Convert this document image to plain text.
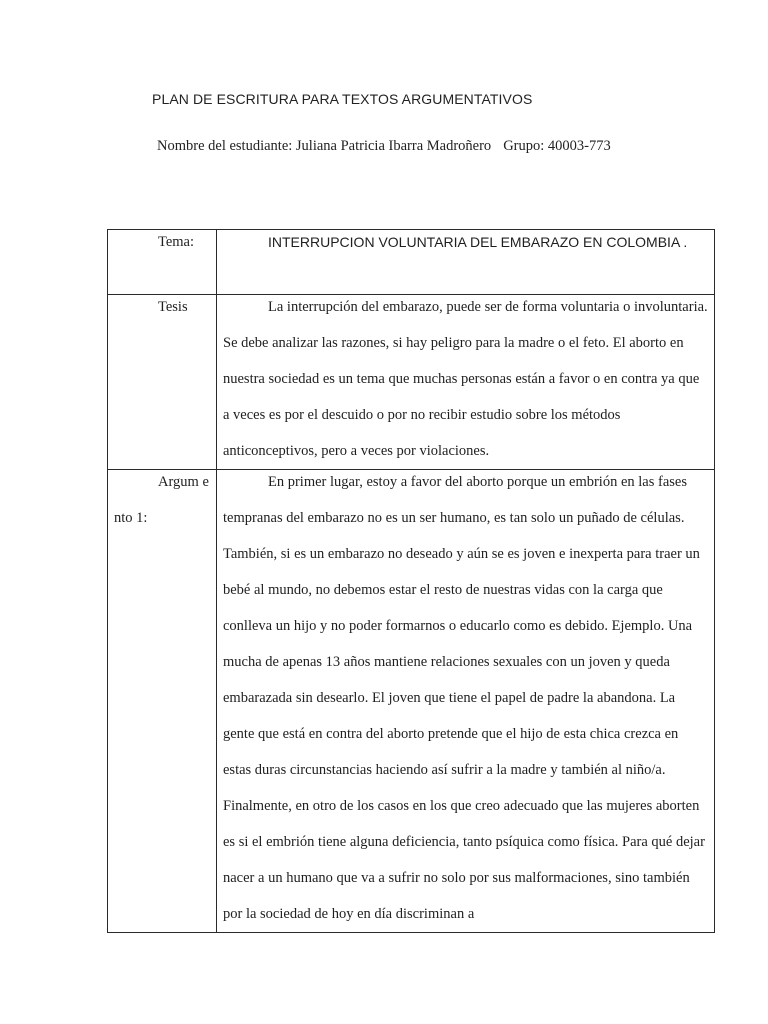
PLAN DE ESCRITURA PARA TEXTOS ARGUMENTATIVOS
Nombre del estudiante: Juliana Patricia Ibarra Madroñero Grupo: 40003-773
Tema:	INTERRUPCION VOLUNTARIA DEL EMBARAZO EN COLOMBIA .

Tesis	La interrupción del embarazo, puede ser de forma voluntaria o involuntaria. Se debe analizar las razones, si hay peligro para la madre o el feto. El aborto en nuestra sociedad es un tema que muchas personas están a favor o en contra ya que a veces es por el descuido o por no recibir estudio sobre los métodos anticonceptivos, pero a veces por violaciones.

Argum ento 1:	En primer lugar, estoy a favor del aborto porque un embrión en las fases tempranas del embarazo no es un ser humano, es tan solo un puñado de células. También, si es un embarazo no deseado y aún se es joven e inexperta para traer un bebé al mundo, no debemos estar el resto de nuestras vidas con la carga que conlleva un hijo y no poder formarnos o educarlo como es debido. Ejemplo. Una mucha de apenas 13 años mantiene relaciones sexuales con un joven y queda embarazada sin desearlo. El joven que tiene el papel de padre la abandona. La gente que está en contra del aborto pretende que el hijo de esta chica crezca en estas duras circunstancias haciendo así sufrir a la madre y también al niño/a. Finalmente, en otro de los casos en los que creo adecuado que las mujeres aborten es si el embrión tiene alguna deficiencia, tanto psíquica como física. Para qué dejar nacer a un humano que va a sufrir no solo por sus malformaciones, sino también por la sociedad de hoy en día discriminan a
